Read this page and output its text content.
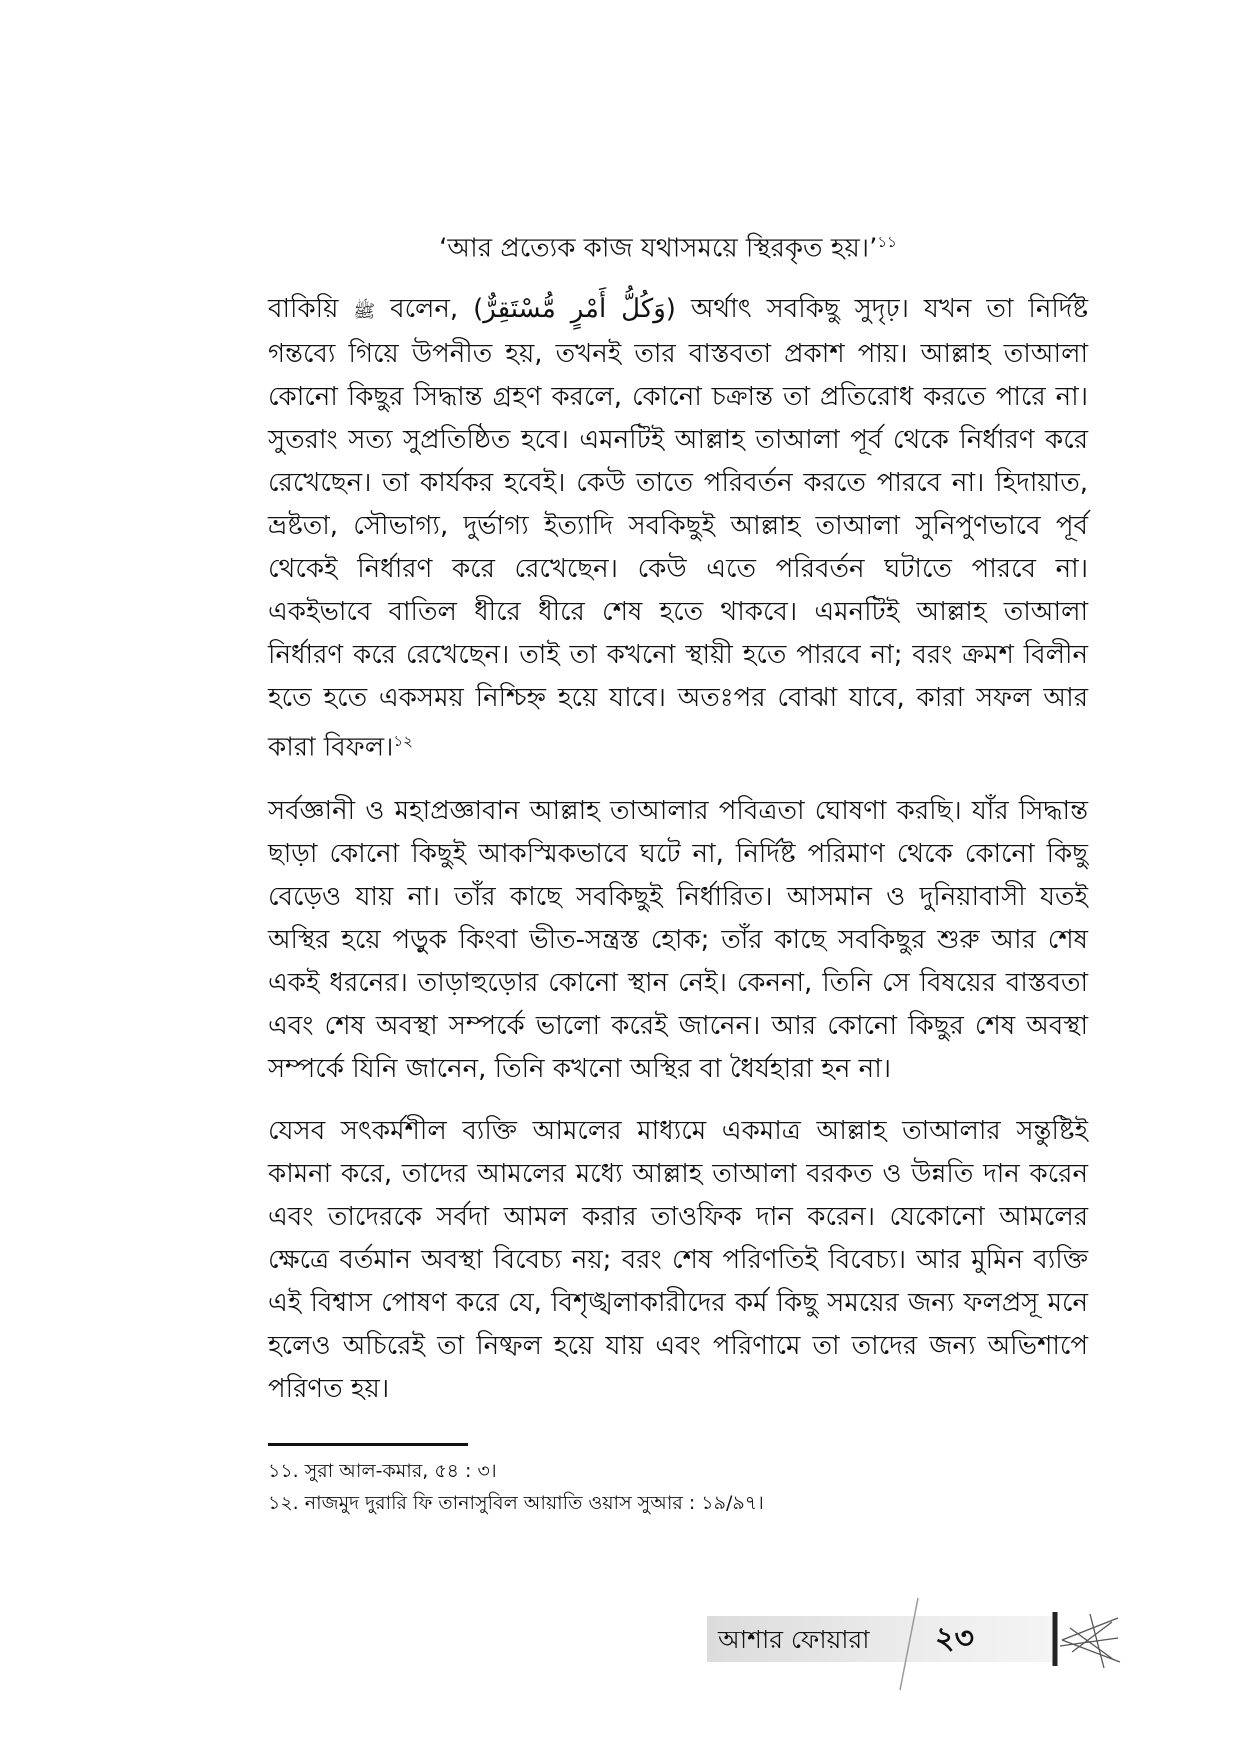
‘আর প্রত্যেক কাজ যথাসময়ে স্থিরকৃত হয়।’$^{১১}$

বাকিয়ি ﷺ বলেন, (وَكُلُّ أَمْرٍ مُّسْتَقِرٌّ) অর্থাৎ সবকিছু সুদৃঢ়। যখন তা নির্দিষ্ট গন্তব্যে গিয়ে উপনীত হয়, তখনই তার বাস্তবতা প্রকাশ পায়। আল্লাহ তাআলা কোনো কিছুর সিদ্ধান্ত গ্রহণ করলে, কোনো চক্রান্ত তা প্রতিরোধ করতে পারে না। সুতরাং সত্য সুপ্রতিষ্ঠিত হবে। এমনটিই আল্লাহ তাআলা পূর্ব থেকে নির্ধারণ করে রেখেছেন। তা কার্যকর হবেই। কেউ তাতে পরিবর্তন করতে পারবে না। হিদায়াত, ভ্রষ্টতা, সৌভাগ্য, দুর্ভাগ্য ইত্যাদি সবকিছুই আল্লাহ তাআলা সুনিপুণভাবে পূর্ব থেকেই নির্ধারণ করে রেখেছেন। কেউ এতে পরিবর্তন ঘটাতে পারবে না। একইভাবে বাতিল ধীরে ধীরে শেষ হতে থাকবে। এমনটিই আল্লাহ তাআলা নির্ধারণ করে রেখেছেন। তাই তা কখনো স্থায়ী হতে পারবে না; বরং ক্রমশ বিলীন হতে হতে একসময় নিশ্চিহ্ন হয়ে যাবে। অতঃপর বোঝা যাবে, কারা সফল আর কারা বিফল।$^{১২}$

সর্বজ্ঞানী ও মহাপ্রজ্ঞাবান আল্লাহ তাআলার পবিত্রতা ঘোষণা করছি। যাঁর সিদ্ধান্ত ছাড়া কোনো কিছুই আকস্মিকভাবে ঘটে না, নির্দিষ্ট পরিমাণ থেকে কোনো কিছু বেড়েও যায় না। তাঁর কাছে সবকিছুই নির্ধারিত। আসমান ও দুনিয়াবাসী যতই অস্থির হয়ে পড়ুক কিংবা ভীত-সন্ত্রস্ত হোক; তাঁর কাছে সবকিছুর শুরু আর শেষ একই ধরনের। তাড়াহুড়োর কোনো স্থান নেই। কেননা, তিনি সে বিষয়ের বাস্তবতা এবং শেষ অবস্থা সম্পর্কে ভালো করেই জানেন। আর কোনো কিছুর শেষ অবস্থা সম্পর্কে যিনি জানেন, তিনি কখনো অস্থির বা ধৈর্যহারা হন না।

যেসব সৎকর্মশীল ব্যক্তি আমলের মাধ্যমে একমাত্র আল্লাহ তাআলার সন্তুষ্টিই কামনা করে, তাদের আমলের মধ্যে আল্লাহ তাআলা বরকত ও উন্নতি দান করেন এবং তাদেরকে সর্বদা আমল করার তাওফিক দান করেন। যেকোনো আমলের ক্ষেত্রে বর্তমান অবস্থা বিবেচ্য নয়; বরং শেষ পরিণতিই বিবেচ্য। আর মুমিন ব্যক্তি এই বিশ্বাস পোষণ করে যে, বিশৃঙ্খলাকারীদের কর্ম কিছু সময়ের জন্য ফলপ্রসূ মনে হলেও অচিরেই তা নিষ্ফল হয়ে যায় এবং পরিণামে তা তাদের জন্য অভিশাপে পরিণত হয়।

১১. সুরা আল-কমার, ৫৪ : ৩।
১২. নাজমুদ দুরারি ফি তানাসুবিল আয়াতি ওয়াস সুআর : ১৯/৯৭।
আশার ফোয়ারা ২৩
